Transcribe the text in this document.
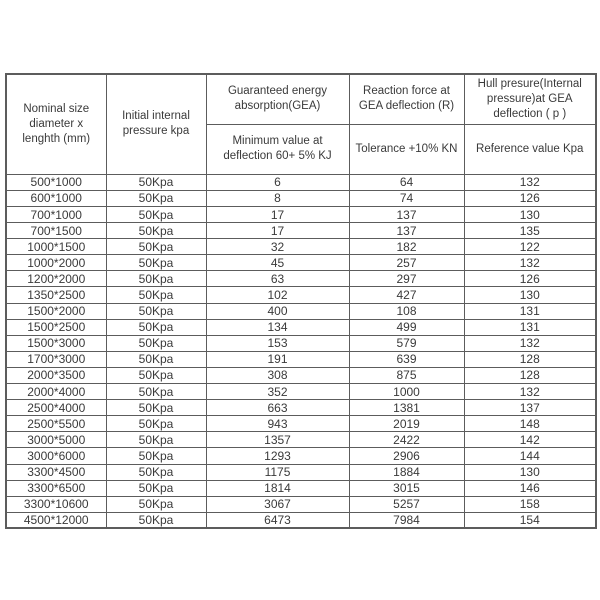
Nominal size diameter x lenghth (mm)	Initial internal pressure kpa	Guaranteed energy absorption(GEA)	Reaction force at GEA deflection (R)	Hull presure(Internal pressure)at GEA deflection ( p )
		Minimum value at deflection 60+ 5% KJ	Tolerance +10% KN	Reference value Kpa
500*1000	50Kpa	6	64	132
600*1000	50Kpa	8	74	126
700*1000	50Kpa	17	137	130
700*1500	50Kpa	17	137	135
1000*1500	50Kpa	32	182	122
1000*2000	50Kpa	45	257	132
1200*2000	50Kpa	63	297	126
1350*2500	50Kpa	102	427	130
1500*2000	50Kpa	400	108	131
1500*2500	50Kpa	134	499	131
1500*3000	50Kpa	153	579	132
1700*3000	50Kpa	191	639	128
2000*3500	50Kpa	308	875	128
2000*4000	50Kpa	352	1000	132
2500*4000	50Kpa	663	1381	137
2500*5500	50Kpa	943	2019	148
3000*5000	50Kpa	1357	2422	142
3000*6000	50Kpa	1293	2906	144
3300*4500	50Kpa	1175	1884	130
3300*6500	50Kpa	1814	3015	146
3300*10600	50Kpa	3067	5257	158
4500*12000	50Kpa	6473	7984	154
